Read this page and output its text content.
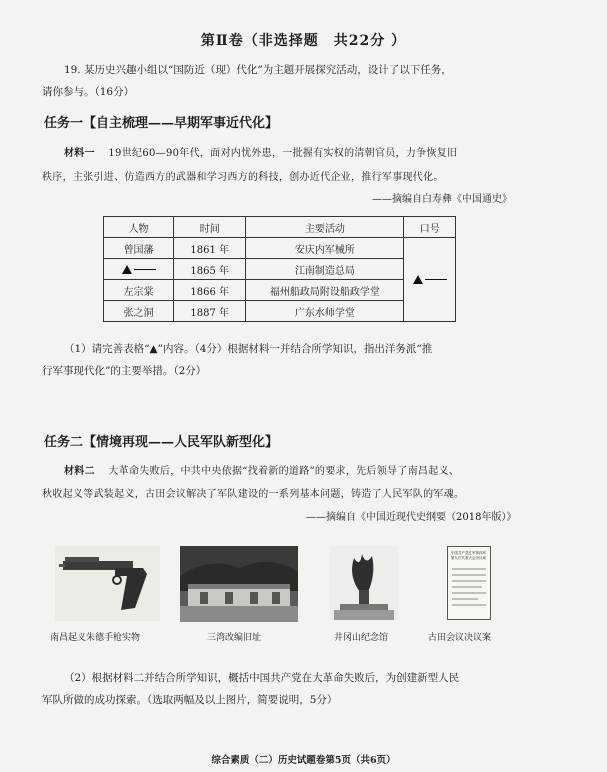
第Ⅱ卷（非选择题　共22分 ）
19. 某历史兴趣小组以“国防近（现）代化”为主题开展探究活动，设计了以下任务，
请你参与。（16分）
任务一【自主梳理——早期军事近代化】
材料一 19世纪60—90年代，面对内忧外患，一批握有实权的清朝官员，力争恢复旧
秩序，主张引进、仿造西方的武器和学习西方的科技，创办近代企业，推行军事现代化。
——摘编自白寿彝《中国通史》
人物	时间	主要活动	口号
曾国藩	1861 年	安庆内军械所	
	1865 年	江南制造总局	
左宗棠	1866 年	福州船政局附设船政学堂	
张之洞	1887 年	广东水师学堂	
（1）请完善表格“▲”内容。（4分）根据材料一并结合所学知识，指出洋务派“推
行军事现代化”的主要举措。（2分）
任务二【情境再现——人民军队新型化】
材料二 大革命失败后，中共中央依据“找着新的道路”的要求，先后领导了南昌起义、
秋收起义等武装起义，古田会议解决了军队建设的一系列基本问题，铸造了人民军队的军魂。
——摘编自《中国近现代史纲要（2018年版）》
南昌起义朱德手枪实物	三湾改编旧址	井冈山纪念馆
中国共产党红军第四军第九次代表大会决议案
古田会议决议案
（2）根据材料二并结合所学知识，概括中国共产党在大革命失败后，为创建新型人民
军队所做的成功探索。（选取两幅及以上图片，简要说明，5分）
综合素质（二）历史试题卷第5页（共6页）
